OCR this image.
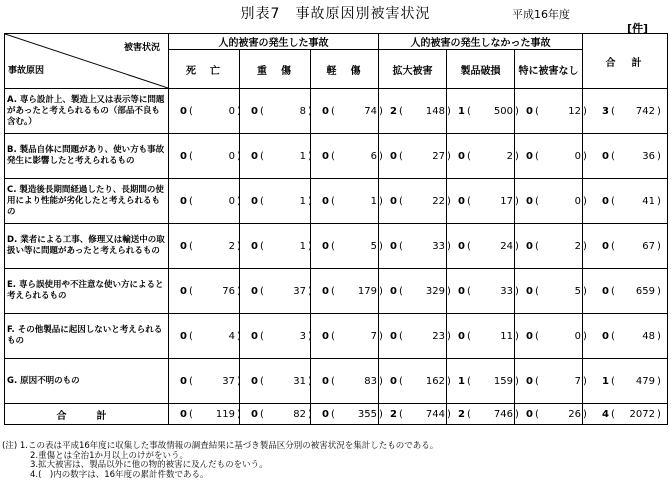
別表7　事故原因別被害状況	平成16年度
[件]
被害状況
事故原因	人的被害の発生した事故			人的被害の発生しなかった事故			合　計
	死　亡	重　傷	軽　傷	拡大被害	製品破損	特に被害なし	
A. 専ら設計上、製造上又は表示等に問題があったと考えられるもの（部品不良も含む。）	0 ( 0 )	0 ( 8 )	0 ( 74 )	2 ( 148 )	1 ( 500 )	0 ( 12 )	3 ( 742 )
B. 製品自体に問題があり、使い方も事故発生に影響したと考えられるもの	0 ( 0 )	0 ( 1 )	0 ( 6 )	0 ( 27 )	0 ( 2 )	0 ( 0 )	0 ( 36 )
C. 製造後長期間経過したり、長期間の使用により性能が劣化したと考えられるもの	0 ( 0 )	0 ( 1 )	0 ( 1 )	0 ( 22 )	0 ( 17 )	0 ( 0 )	0 ( 41 )
D. 業者による工事、修理又は輸送中の取扱い等に問題があったと考えられるもの	0 ( 2 )	0 ( 1 )	0 ( 5 )	0 ( 33 )	0 ( 24 )	0 ( 2 )	0 ( 67 )
E. 専ら誤使用や不注意な使い方によると考えられるもの	0 ( 76 )	0 ( 37 )	0 ( 179 )	0 ( 329 )	0 ( 33 )	0 ( 5 )	0 ( 659 )
F. その他製品に起因しないと考えられるもの	0 ( 4 )	0 ( 3 )	0 ( 7 )	0 ( 23 )	0 ( 11 )	0 ( 0 )	0 ( 48 )
G. 原因不明のもの	0 ( 37 )	0 ( 31 )	0 ( 83 )	0 ( 162 )	1 ( 159 )	0 ( 7 )	1 ( 479 )
合　計	0 ( 119 )	0 ( 82 )	0 ( 355 )	2 ( 744 )	2 ( 746 )	0 ( 26 )	4 ( 2072 )
(注) 1.この表は平成16年度に収集した事故情報の調査結果に基づき製品区分別の被害状況を集計したものである。
2.重傷とは全治1か月以上のけがをいう。
3.拡大被害は、製品以外に他の物的被害に及んだものをいう。
4.(　)内の数字は、16年度の累計件数である。
